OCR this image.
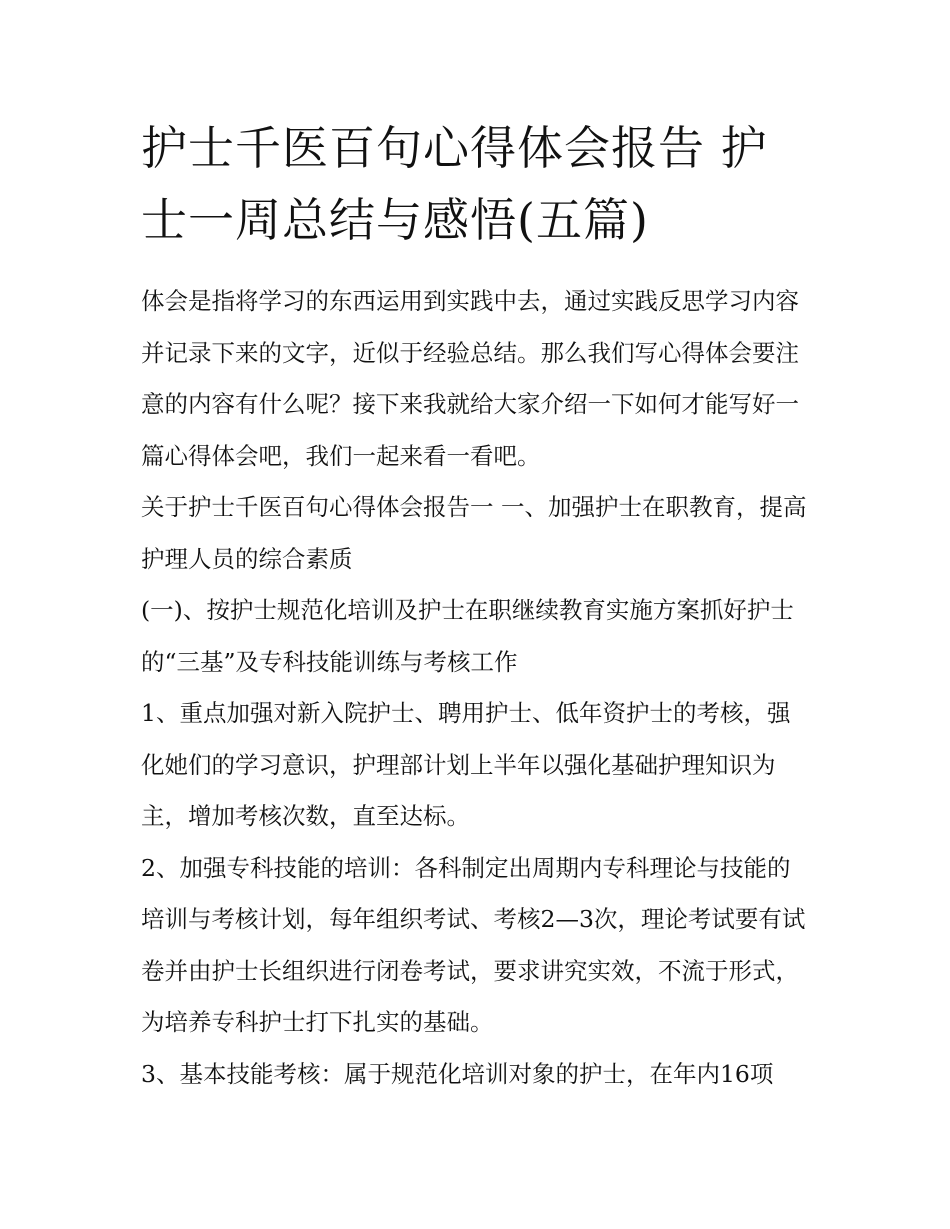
护士千医百句心得体会报告 护士一周总结与感悟(五篇)

体会是指将学习的东西运用到实践中去，通过实践反思学习内容并记录下来的文字，近似于经验总结。那么我们写心得体会要注意的内容有什么呢？接下来我就给大家介绍一下如何才能写好一篇心得体会吧，我们一起来看一看吧。

关于护士千医百句心得体会报告一 一、加强护士在职教育，提高护理人员的综合素质

(一)、按护士规范化培训及护士在职继续教育实施方案抓好护士的“三基”及专科技能训练与考核工作

1、重点加强对新入院护士、聘用护士、低年资护士的考核，强化她们的学习意识，护理部计划上半年以强化基础护理知识为主，增加考核次数，直至达标。

2、加强专科技能的培训：各科制定出周期内专科理论与技能的培训与考核计划，每年组织考试、考核2—3次，理论考试要有试卷并由护士长组织进行闭卷考试，要求讲究实效，不流于形式，为培养专科护士打下扎实的基础。

3、基本技能考核：属于规范化培训对象的护士，在年内16项
